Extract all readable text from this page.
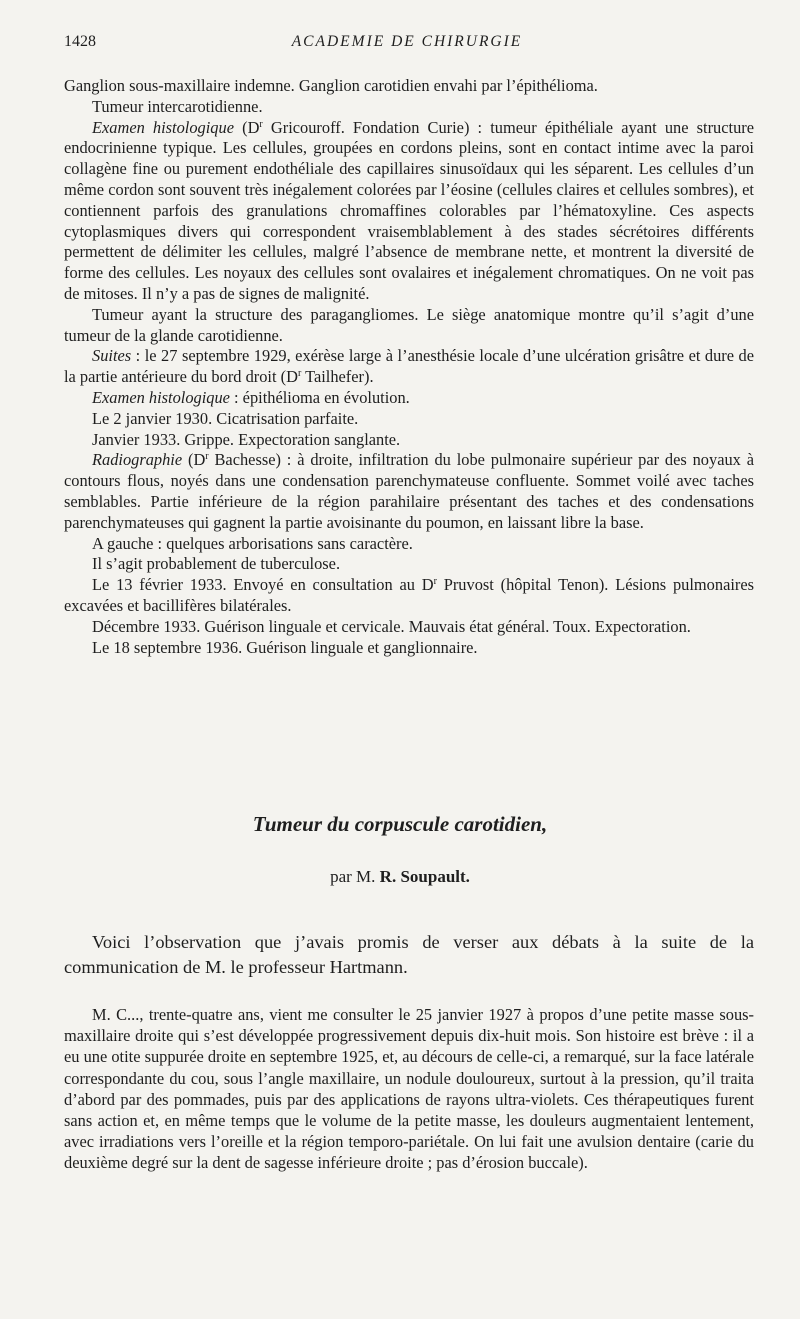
1428	ACADEMIE DE CHIRURGIE

Ganglion sous-maxillaire indemne. Ganglion carotidien envahi par l’épithélioma.

Tumeur intercarotidienne.

Examen histologique ($D^r$ Gricouroff. Fondation Curie) : tumeur épithéliale ayant une structure endocrinienne typique. Les cellules, groupées en cordons pleins, sont en contact intime avec la paroi collagène fine ou purement endothéliale des capillaires sinusoïdaux qui les séparent. Les cellules d’un même cordon sont souvent très inégalement colorées par l’éosine (cellules claires et cellules sombres), et contiennent parfois des granulations chromaffines colorables par l’hématoxyline. Ces aspects cytoplasmiques divers qui correspondent vraisemblablement à des stades sécrétoires différents permettent de délimiter les cellules, malgré l’absence de membrane nette, et montrent la diversité de forme des cellules. Les noyaux des cellules sont ovalaires et inégalement chromatiques. On ne voit pas de mitoses. Il n’y a pas de signes de malignité.

Tumeur ayant la structure des paragangliomes. Le siège anatomique montre qu’il s’agit d’une tumeur de la glande carotidienne.

Suites : le 27 septembre 1929, exérèse large à l’anesthésie locale d’une ulcération grisâtre et dure de la partie antérieure du bord droit ($D^r$ Tailhefer).

Examen histologique : épithélioma en évolution.

Le 2 janvier 1930. Cicatrisation parfaite.

Janvier 1933. Grippe. Expectoration sanglante.

Radiographie ($D^r$ Bachesse) : à droite, infiltration du lobe pulmonaire supérieur par des noyaux à contours flous, noyés dans une condensation parenchymateuse confluente. Sommet voilé avec taches semblables. Partie inférieure de la région parahilaire présentant des taches et des condensations parenchymateuses qui gagnent la partie avoisinante du poumon, en laissant libre la base.

A gauche : quelques arborisations sans caractère.

Il s’agit probablement de tuberculose.

Le 13 février 1933. Envoyé en consultation au $D^r$ Pruvost (hôpital Tenon). Lésions pulmonaires excavées et bacillifères bilatérales.

Décembre 1933. Guérison linguale et cervicale. Mauvais état général. Toux. Expectoration.

Le 18 septembre 1936. Guérison linguale et ganglionnaire.

Tumeur du corpuscule carotidien,
par M. R. Soupault.

Voici l’observation que j’avais promis de verser aux débats à la suite de la communication de M. le professeur Hartmann.

M. C..., trente-quatre ans, vient me consulter le 25 janvier 1927 à propos d’une petite masse sous-maxillaire droite qui s’est développée progressivement depuis dix-huit mois. Son histoire est brève : il a eu une otite suppurée droite en septembre 1925, et, au décours de celle-ci, a remarqué, sur la face latérale correspondante du cou, sous l’angle maxillaire, un nodule douloureux, surtout à la pression, qu’il traita d’abord par des pommades, puis par des applications de rayons ultra-violets. Ces thérapeutiques furent sans action et, en même temps que le volume de la petite masse, les douleurs augmentaient lentement, avec irradiations vers l’oreille et la région temporo-pariétale. On lui fait une avulsion dentaire (carie du deuxième degré sur la dent de sagesse inférieure droite ; pas d’érosion buccale).
